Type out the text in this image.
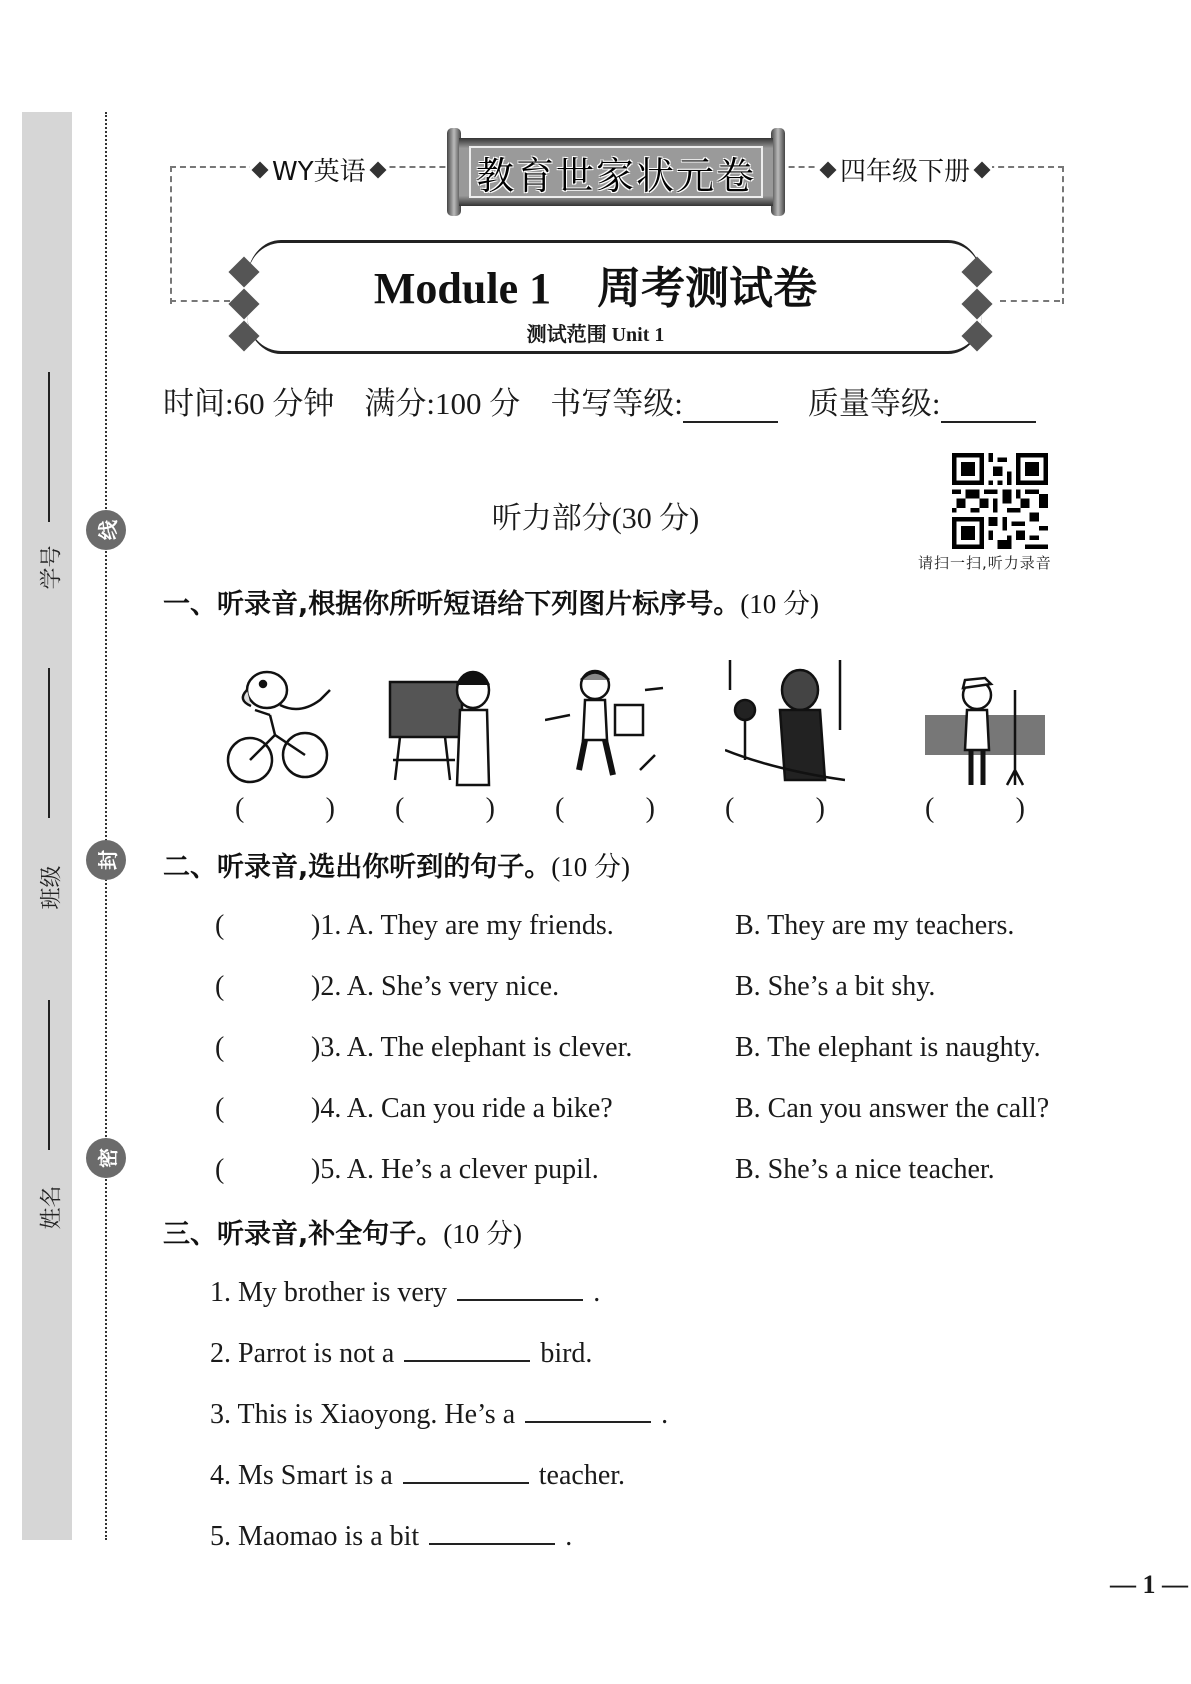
学号
班级
姓名
线
封
密
WY英语	四年级下册
教育世家状元卷
Module 1 周考测试卷
测试范围 Unit 1
时间:60 分钟 满分:100 分 书写等级:	质量等级:
听力部分(30 分)
请扫一扫,听力录音
一、听录音,根据你所听短语给下列图片标序号。(10 分)
(	) (	) (	)	(	)	(	)
二、听录音,选出你听到的句子。(10 分)
(	)1. A. They are my friends.	B. They are my teachers.
(	)2. A. She’s very nice.	B. She’s a bit shy.
(	)3. A. The elephant is clever.	B. The elephant is naughty.
(	)4. A. Can you ride a bike?	B. Can you answer the call?
(	)5. A. He’s a clever pupil.	B. She’s a nice teacher.
三、听录音,补全句子。(10 分)
1. My brother is very	.
2. Parrot is not a	bird.
3. This is Xiaoyong. He’s a	.
4. Ms Smart is a	teacher.
5. Maomao is a bit	.
— 1 —
